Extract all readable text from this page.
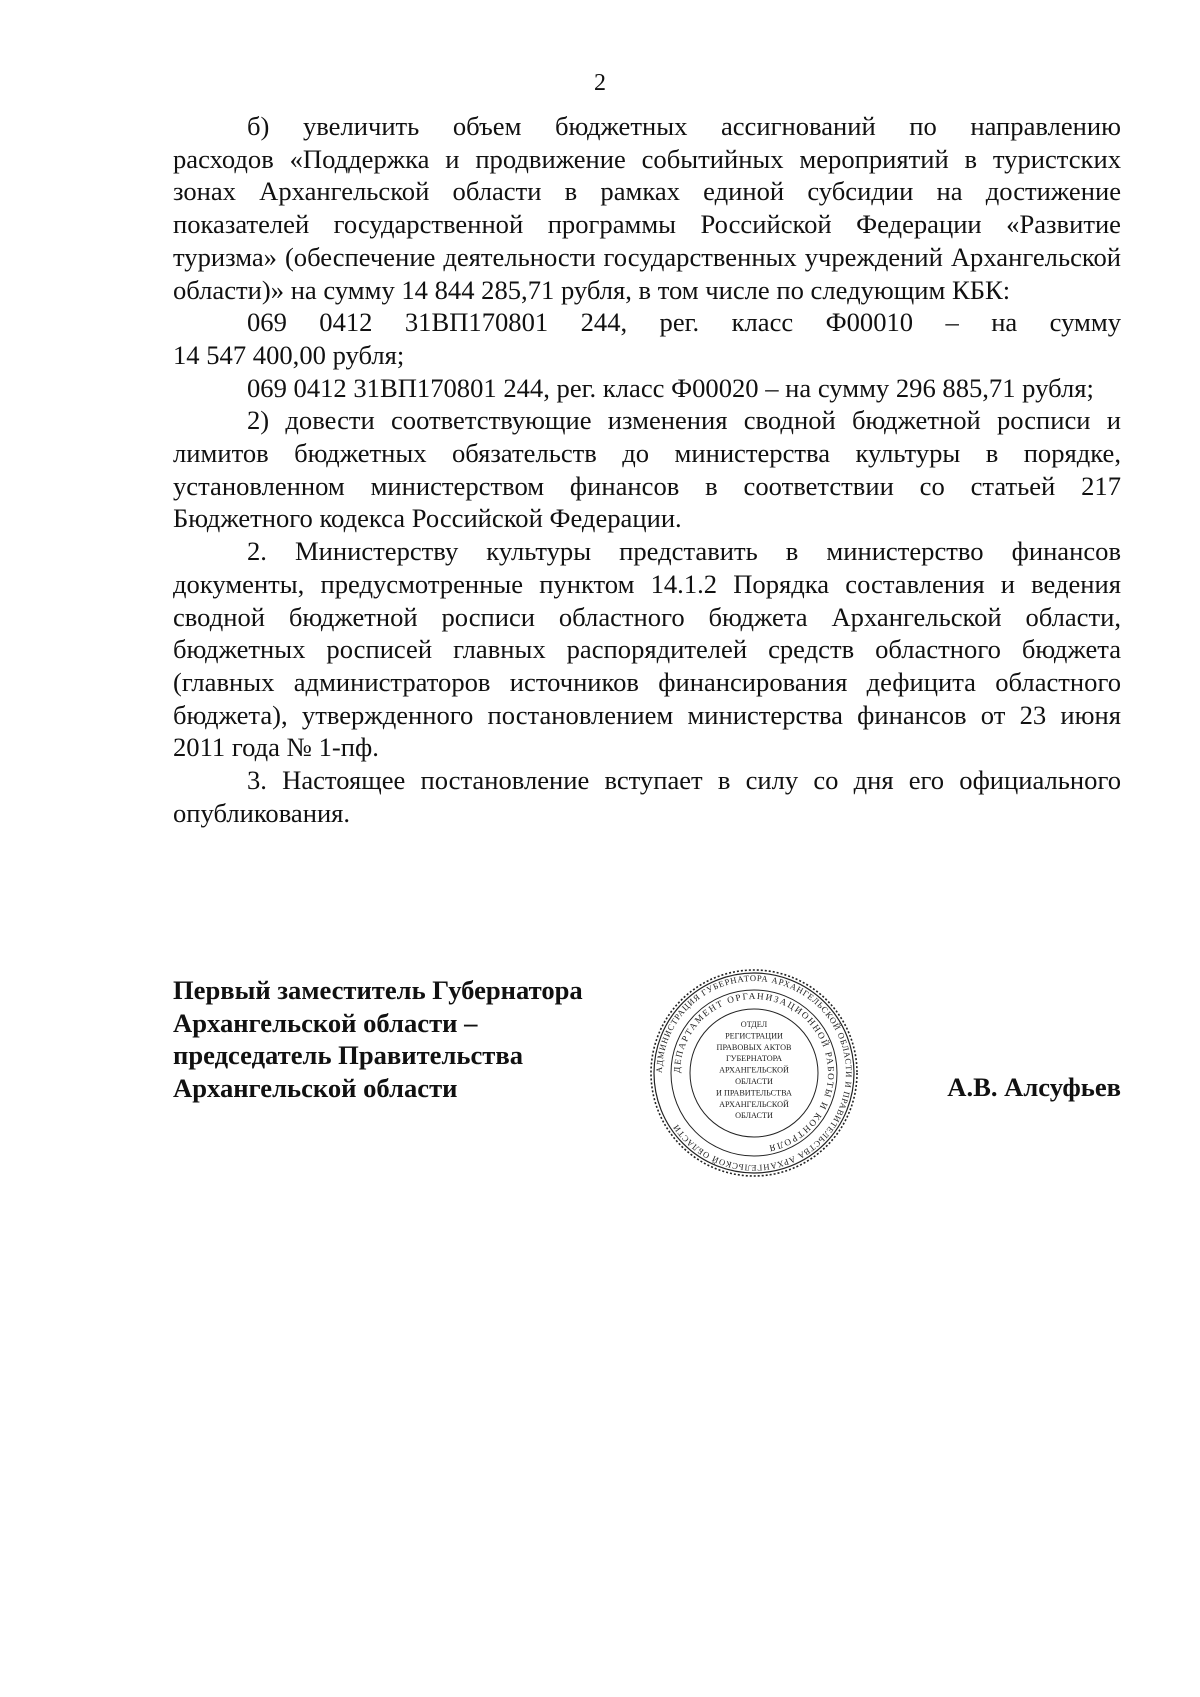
2

б) увеличить объем бюджетных ассигнований по направлению

расходов «Поддержка и продвижение событийных мероприятий в туристских зонах Архангельской области в рамках единой субсидии на достижение показателей государственной программы Российской Федерации «Развитие туризма» (обеспечение деятельности государственных учреждений Архангельской области)» на сумму 14 844 285,71 рубля, в том числе по следующим КБК:

069 0412 31ВП170801 244, рег. класс Ф00010 – на сумму

14 547 400,00 рубля;

069 0412 31ВП170801 244, рег. класс Ф00020 – на сумму 296 885,71 рубля;

2) довести соответствующие изменения сводной бюджетной росписи и лимитов бюджетных обязательств до министерства культуры в порядке, установленном министерством финансов в соответствии со статьей 217 Бюджетного кодекса Российской Федерации.

2. Министерству культуры представить в министерство финансов документы, предусмотренные пунктом 14.1.2 Порядка составления и ведения сводной бюджетной росписи областного бюджета Архангельской области, бюджетных росписей главных распорядителей средств областного бюджета (главных администраторов источников финансирования дефицита областного бюджета), утвержденного постановлением министерства финансов от 23 июня 2011 года № 1-пф.

3. Настоящее постановление вступает в силу со дня его официального опубликования.

Первый заместитель Губернатора
Архангельской области –
председатель Правительства
Архангельской области	А.В. Алсуфьев
АДМИНИСТРАЦИЯ ГУБЕРНАТОРА АРХАНГЕЛЬСКОЙ ОБЛАСТИ И ПРАВИТЕЛЬСТВА АРХАНГЕЛЬСКОЙ ОБЛАСТИ
ДЕПАРТАМЕНТ ОРГАНИЗАЦИОННОЙ РАБОТЫ И КОНТРОЛЯ
ОТДЕЛ
РЕГИСТРАЦИИ
ПРАВОВЫХ АКТОВ
ГУБЕРНАТОРА
АРХАНГЕЛЬСКОЙ
ОБЛАСТИ
И ПРАВИТЕЛЬСТВА
АРХАНГЕЛЬСКОЙ
ОБЛАСТИ
